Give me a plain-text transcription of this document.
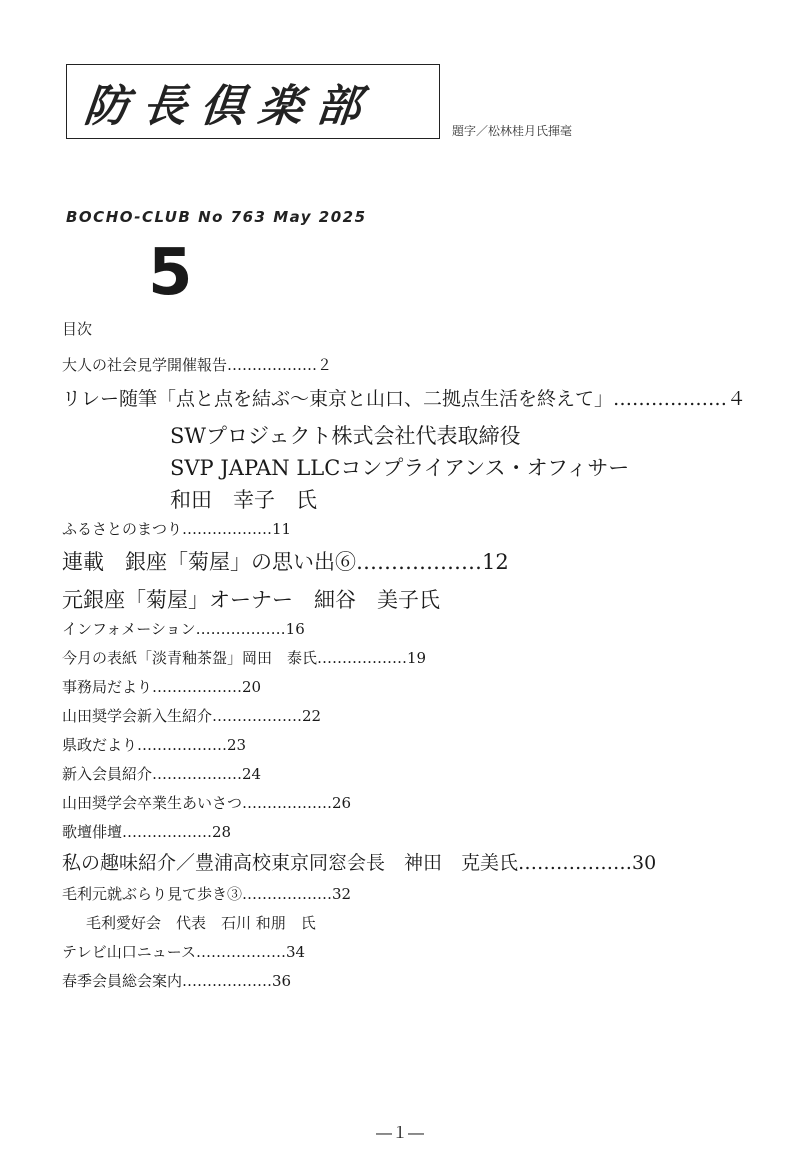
防長倶楽部	題字／松林桂月氏揮毫
BOCHO-CLUB No 763 May 2025
5
目次
大人の社会見学開催報告………………２
リレー随筆「点と点を結ぶ～東京と山口、二拠点生活を終えて」………………４
SWプロジェクト株式会社代表取締役
SVP JAPAN LLCコンプライアンス・オフィサー
和田　幸子　氏
ふるさとのまつり………………11
連載　銀座「菊屋」の思い出⑥………………12
元銀座「菊屋」オーナー　細谷　美子氏
インフォメーション………………16
今月の表紙「淡青釉茶盌」岡田　泰氏………………19
事務局だより………………20
山田奨学会新入生紹介………………22
県政だより………………23
新入会員紹介………………24
山田奨学会卒業生あいさつ………………26
歌壇俳壇………………28
私の趣味紹介／豊浦高校東京同窓会長　神田　克美氏………………30
毛利元就ぶらり見て歩き③………………32
毛利愛好会　代表　石川 和朋　氏
テレビ山口ニュース………………34
春季会員総会案内………………36
―１―
